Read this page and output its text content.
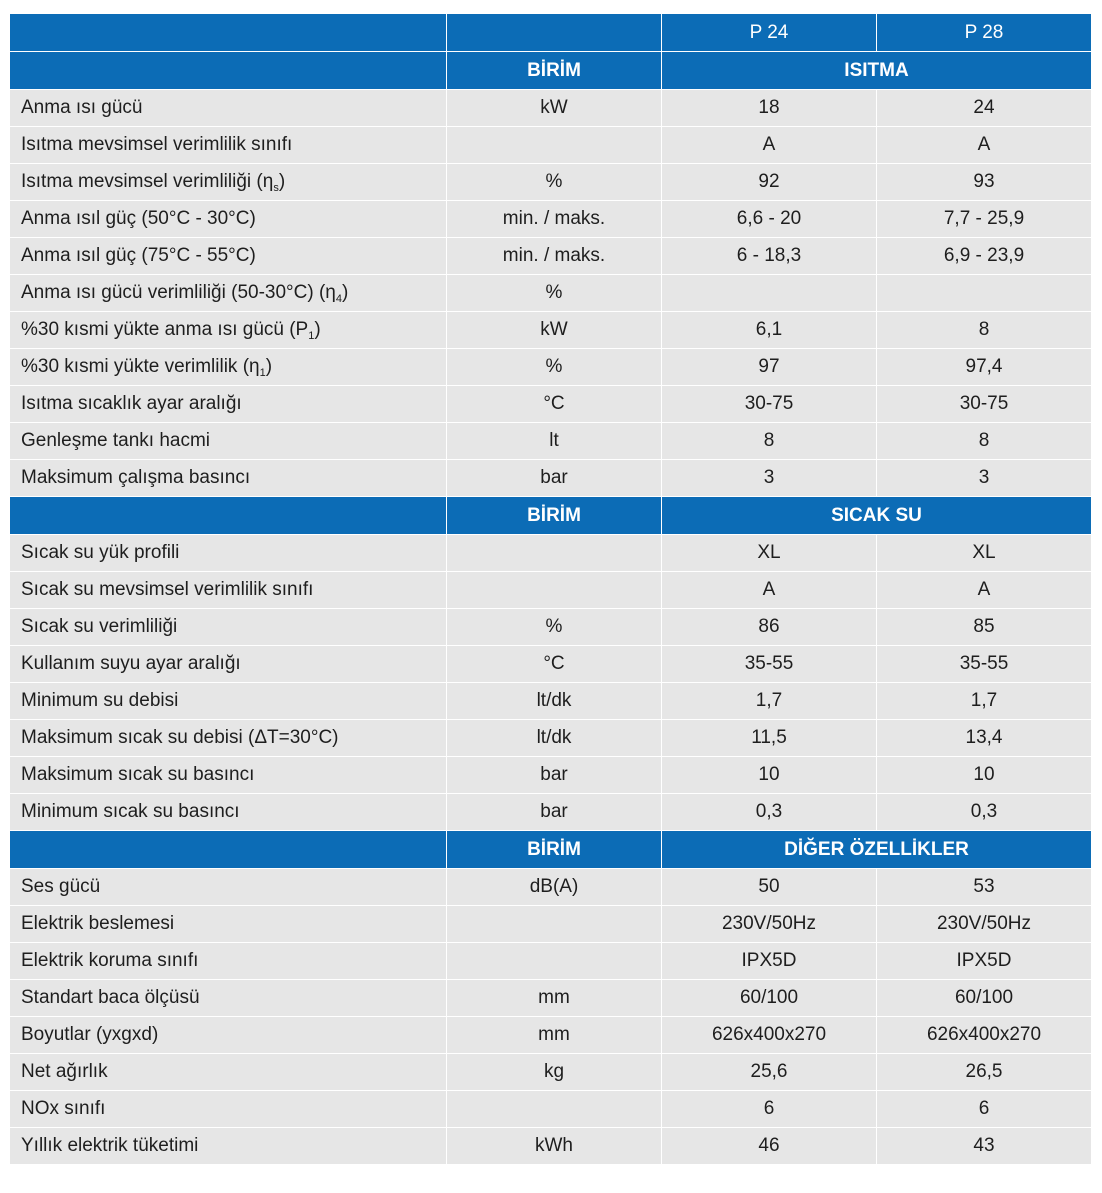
		P 24	P 28
	BİRİM	ISITMA	
Anma ısı gücü	kW	18	24
Isıtma mevsimsel verimlilik sınıfı		A	A
Isıtma mevsimsel verimliliği $(\eta_s)$	%	92	93
Anma ısıl güç (50°C - 30°C)	min. / maks.	6,6 - 20	7,7 - 25,9
Anma ısıl güç (75°C - 55°C)	min. / maks.	6 - 18,3	6,9 - 23,9
Anma ısı gücü verimliliği (50-30°C) $(\eta_4)$	%		
%30 kısmi yükte anma ısı gücü $(P_1)$	kW	6,1	8
%30 kısmi yükte verimlilik $(\eta_1)$	%	97	97,4
Isıtma sıcaklık ayar aralığı	°C	30-75	30-75
Genleşme tankı hacmi	lt	8	8
Maksimum çalışma basıncı	bar	3	3
	BİRİM	SICAK SU	
Sıcak su yük profili		XL	XL
Sıcak su mevsimsel verimlilik sınıfı		A	A
Sıcak su verimliliği	%	86	85
Kullanım suyu ayar aralığı	°C	35-55	35-55
Minimum su debisi	lt/dk	1,7	1,7
Maksimum sıcak su debisi (ΔT=30°C)	lt/dk	11,5	13,4
Maksimum sıcak su basıncı	bar	10	10
Minimum sıcak su basıncı	bar	0,3	0,3
	BİRİM	DİĞER ÖZELLİKLER	
Ses gücü	dB(A)	50	53
Elektrik beslemesi		230V/50Hz	230V/50Hz
Elektrik koruma sınıfı		IPX5D	IPX5D
Standart baca ölçüsü	mm	60/100	60/100
Boyutlar (yxgxd)	mm	626x400x270	626x400x270
Net ağırlık	kg	25,6	26,5
NOx sınıfı		6	6
Yıllık elektrik tüketimi	kWh	46	43
